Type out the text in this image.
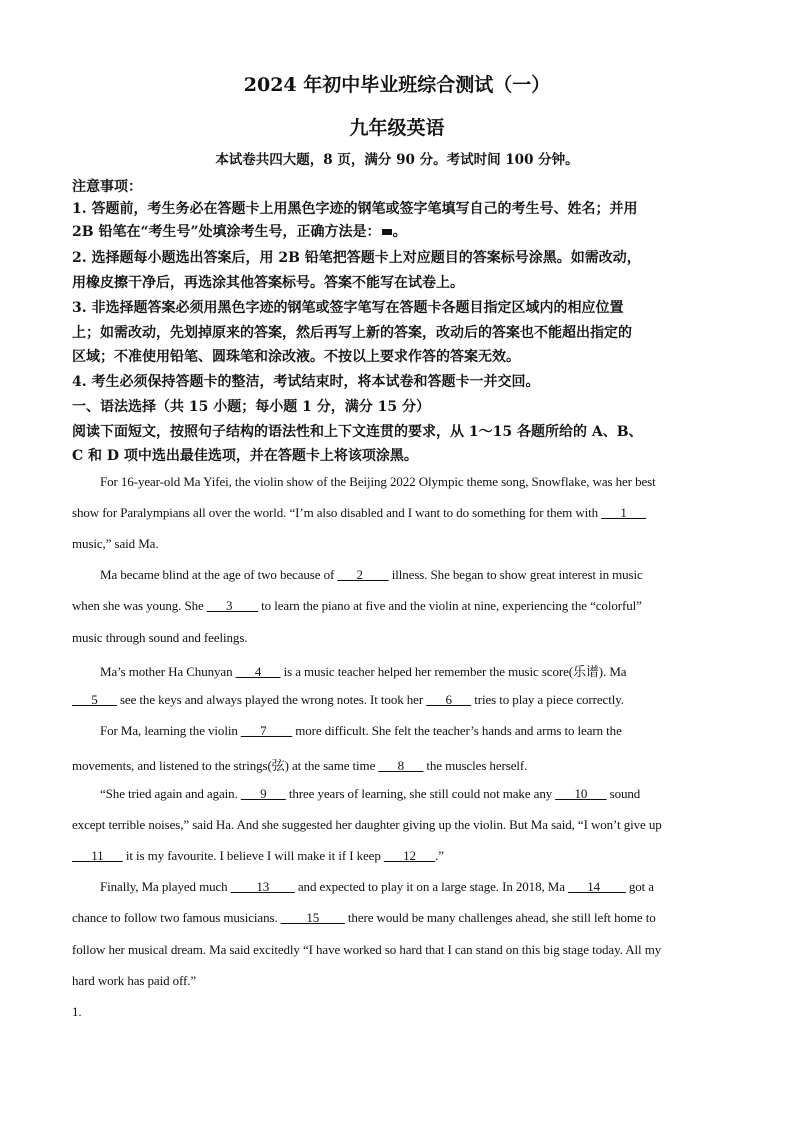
2024 年初中毕业班综合测试（一）
九年级英语
本试卷共四大题，8 页，满分 90 分。考试时间 100 分钟。
注意事项：
1. 答题前，考生务必在答题卡上用黑色字迹的钢笔或签字笔填写自己的考生号、姓名；并用
2B 铅笔在“考生号”处填涂考生号，正确方法是： 。
2. 选择题每小题选出答案后，用 2B 铅笔把答题卡上对应题目的答案标号涂黑。如需改动，
用橡皮擦干净后，再选涂其他答案标号。答案不能写在试卷上。
3. 非选择题答案必须用黑色字迹的钢笔或签字笔写在答题卡各题目指定区域内的相应位置
上；如需改动，先划掉原来的答案，然后再写上新的答案，改动后的答案也不能超出指定的
区域；不准使用铅笔、圆珠笔和涂改液。不按以上要求作答的答案无效。
4. 考生必须保持答题卡的整洁，考试结束时，将本试卷和答题卡一并交回。
一、语法选择（共 15 小题；每小题 1 分，满分 15 分）
阅读下面短文，按照句子结构的语法性和上下文连贯的要求，从 1～15 各题所给的 A、B、
C 和 D 项中选出最佳选项，并在答题卡上将该项涂黑。
For 16-year-old Ma Yifei, the violin show of the Beijing 2022 Olympic theme song, Snowflake, was her best
show for Paralympians all over the world. “I’m also disabled and I want to do something for them with ___1___
music,” said Ma.
Ma became blind at the age of two because of ___2____ illness. She began to show great interest in music
when she was young. She ___3____ to learn the piano at five and the violin at nine, experiencing the “colorful”
music through sound and feelings.
Ma’s mother Ha Chunyan ___4___ is a music teacher helped her remember the music score(乐谱). Ma
___5___ see the keys and always played the wrong notes. It took her ___6___ tries to play a piece correctly.
For Ma, learning the violin ___7____ more difficult. She felt the teacher’s hands and arms to learn the
movements, and listened to the strings(弦) at the same time ___8___ the muscles herself.
“She tried again and again. ___9___ three years of learning, she still could not make any ___10___ sound
except terrible noises,” said Ha. And she suggested her daughter giving up the violin. But Ma said, “I won’t give up
___11___ it is my favourite. I believe I will make it if I keep ___12___.”
Finally, Ma played much ____13____ and expected to play it on a large stage. In 2018, Ma ___14____ got a
chance to follow two famous musicians. ____15____ there would be many challenges ahead, she still left home to
follow her musical dream. Ma said excitedly “I have worked so hard that I can stand on this big stage today. All my
hard work has paid off.”
1.
